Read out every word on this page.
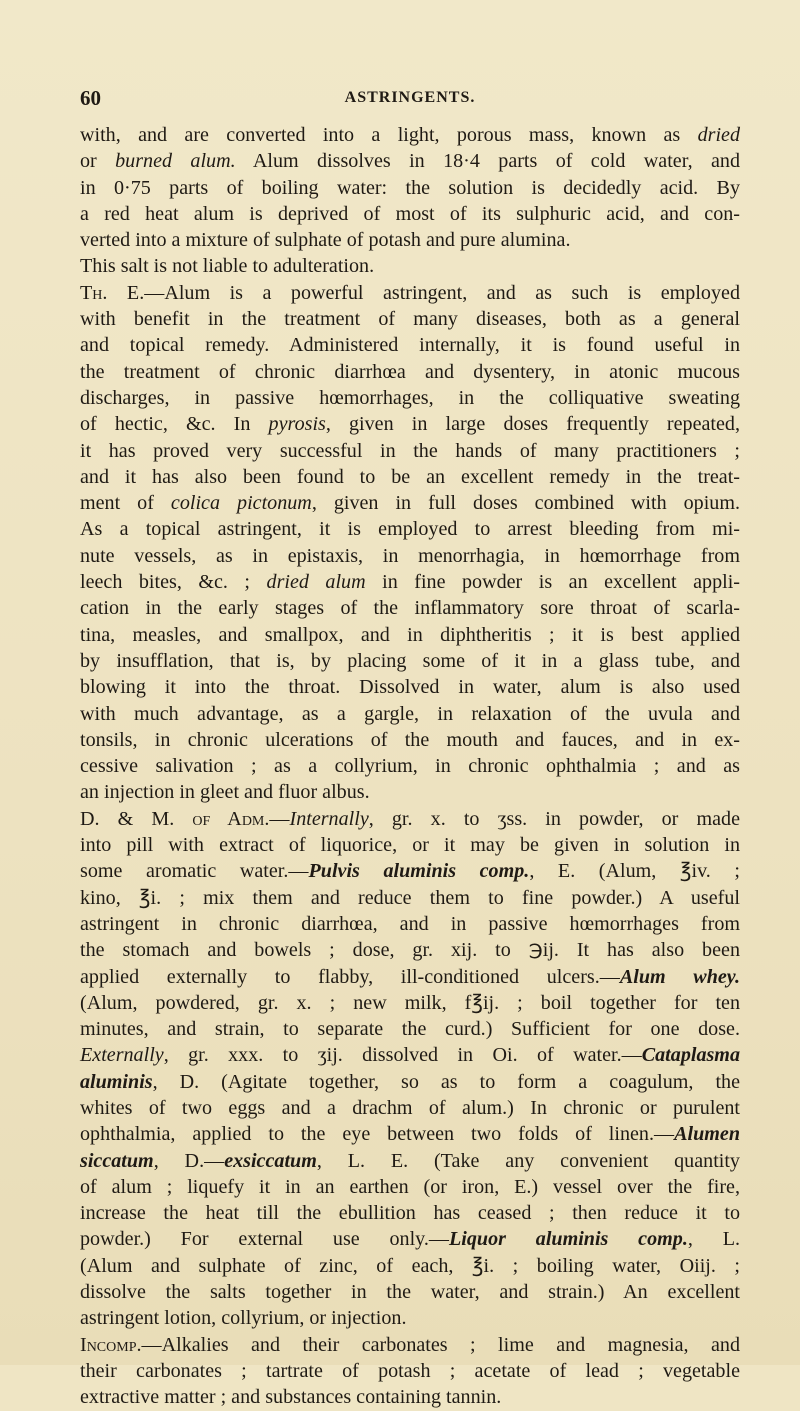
60	ASTRINGENTS.
with, and are converted into a light, porous mass, known as dried
or burned alum. Alum dissolves in 18·4 parts of cold water, and
in 0·75 parts of boiling water: the solution is decidedly acid. By
a red heat alum is deprived of most of its sulphuric acid, and con-
verted into a mixture of sulphate of potash and pure alumina.
This salt is not liable to adulteration.
Th. E.—Alum is a powerful astringent, and as such is employed
with benefit in the treatment of many diseases, both as a general
and topical remedy. Administered internally, it is found useful in
the treatment of chronic diarrhœa and dysentery, in atonic mucous
discharges, in passive hœmorrhages, in the colliquative sweating
of hectic, &c. In pyrosis, given in large doses frequently repeated,
it has proved very successful in the hands of many practitioners ;
and it has also been found to be an excellent remedy in the treat-
ment of colica pictonum, given in full doses combined with opium.
As a topical astringent, it is employed to arrest bleeding from mi-
nute vessels, as in epistaxis, in menorrhagia, in hœmorrhage from
leech bites, &c. ; dried alum in fine powder is an excellent appli-
cation in the early stages of the inflammatory sore throat of scarla-
tina, measles, and smallpox, and in diphtheritis ; it is best applied
by insufflation, that is, by placing some of it in a glass tube, and
blowing it into the throat. Dissolved in water, alum is also used
with much advantage, as a gargle, in relaxation of the uvula and
tonsils, in chronic ulcerations of the mouth and fauces, and in ex-
cessive salivation ; as a collyrium, in chronic ophthalmia ; and as
an injection in gleet and fluor albus.
D. & M. of Adm.—Internally, gr. x. to ʒss. in powder, or made
into pill with extract of liquorice, or it may be given in solution in
some aromatic water.—Pulvis aluminis comp., E. (Alum, ℥iv. ;
kino, ℥i. ; mix them and reduce them to fine powder.) A useful
astringent in chronic diarrhœa, and in passive hœmorrhages from
the stomach and bowels ; dose, gr. xij. to ℈ij. It has also been
applied externally to flabby, ill-conditioned ulcers.—Alum whey.
(Alum, powdered, gr. x. ; new milk, f℥ij. ; boil together for ten
minutes, and strain, to separate the curd.) Sufficient for one dose.
Externally, gr. xxx. to ʒij. dissolved in Oi. of water.—Cataplasma
aluminis, D. (Agitate together, so as to form a coagulum, the
whites of two eggs and a drachm of alum.) In chronic or purulent
ophthalmia, applied to the eye between two folds of linen.—Alumen
siccatum, D.—exsiccatum, L. E. (Take any convenient quantity
of alum ; liquefy it in an earthen (or iron, E.) vessel over the fire,
increase the heat till the ebullition has ceased ; then reduce it to
powder.) For external use only.—Liquor aluminis comp., L.
(Alum and sulphate of zinc, of each, ℥i. ; boiling water, Oiij. ;
dissolve the salts together in the water, and strain.) An excellent
astringent lotion, collyrium, or injection.
Incomp.—Alkalies and their carbonates ; lime and magnesia, and
their carbonates ; tartrate of potash ; acetate of lead ; vegetable
extractive matter ; and substances containing tannin.
